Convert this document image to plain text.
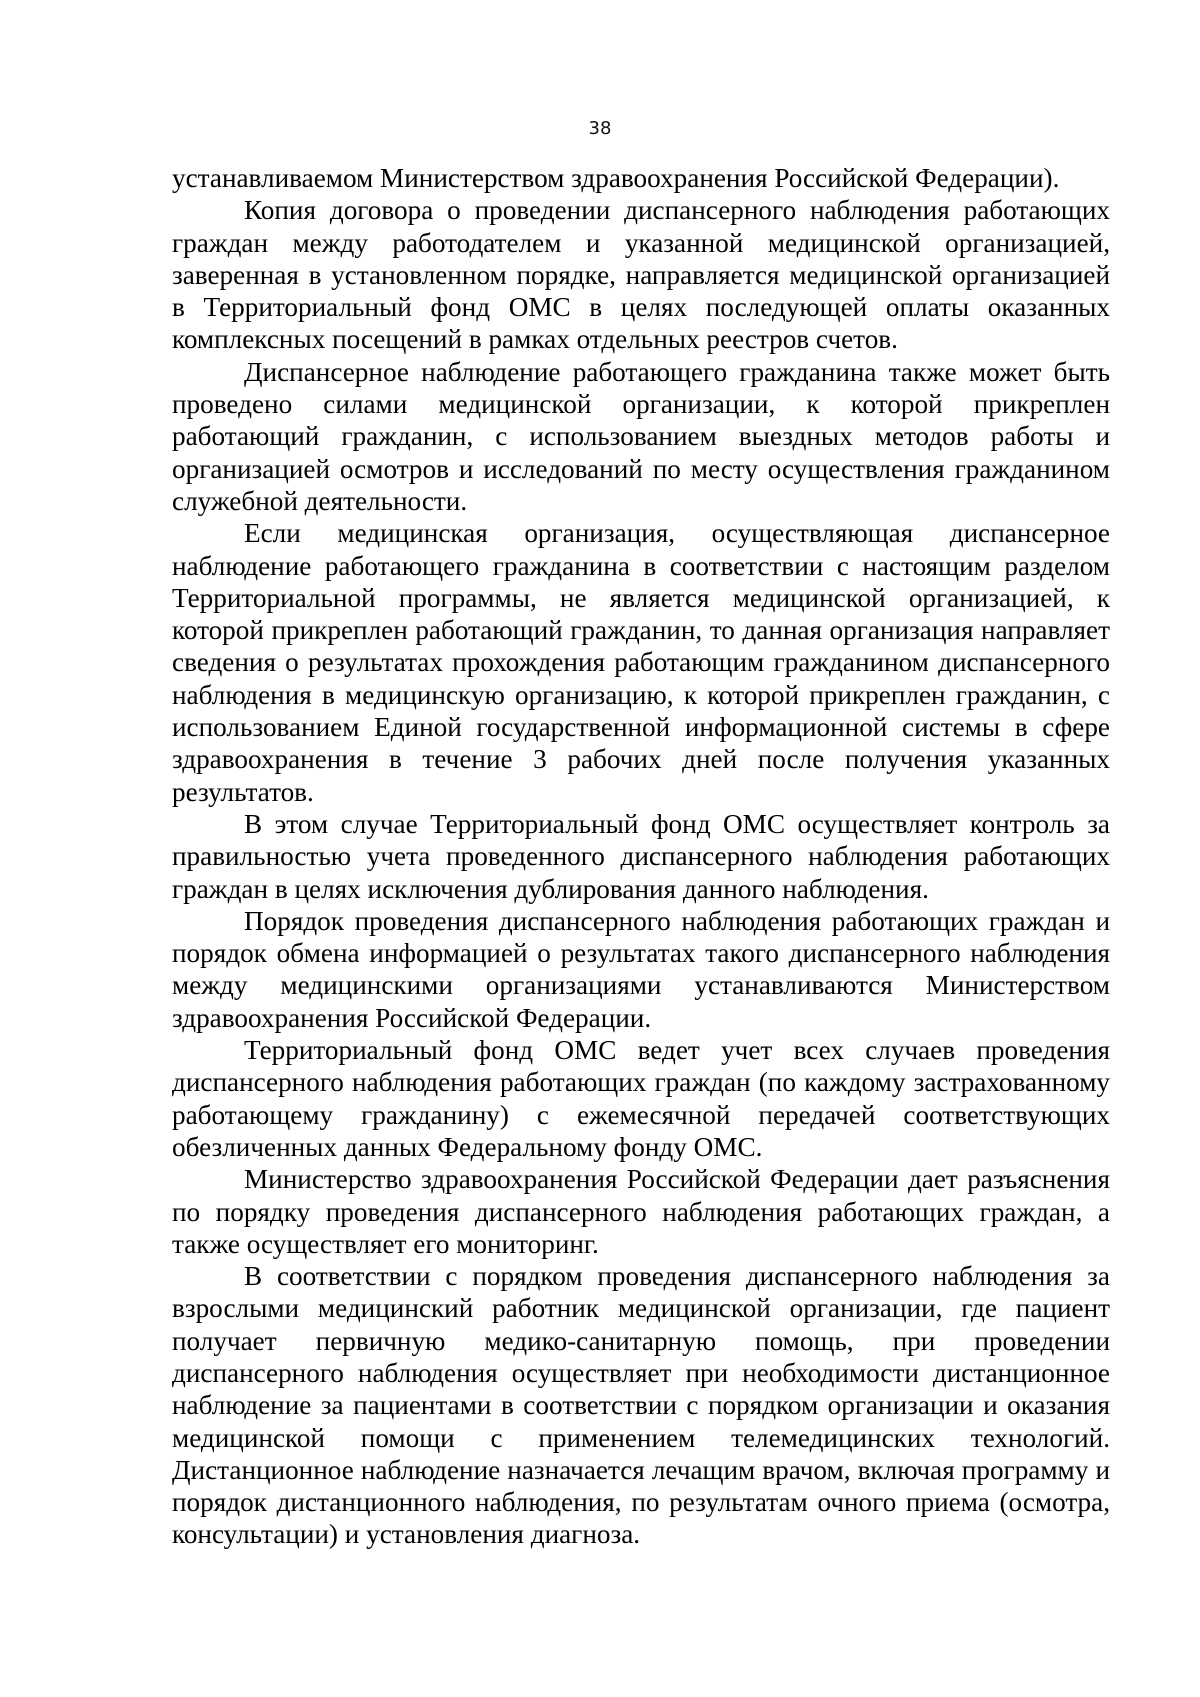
38

устанавливаемом Министерством здравоохранения Российской Федерации).

Копия договора о проведении диспансерного наблюдения работающих граждан между работодателем и указанной медицинской организацией, заверенная в установленном порядке, направляется медицинской организацией в Территориальный фонд ОМС в целях последующей оплаты оказанных комплексных посещений в рамках отдельных реестров счетов.

Диспансерное наблюдение работающего гражданина также может быть проведено силами медицинской организации, к которой прикреплен работающий гражданин, с использованием выездных методов работы и организацией осмотров и исследований по месту осуществления гражданином служебной деятельности.

Если медицинская организация, осуществляющая диспансерное наблюдение работающего гражданина в соответствии с настоящим разделом Территориальной программы, не является медицинской организацией, к которой прикреплен работающий гражданин, то данная организация направляет сведения о результатах прохождения работающим гражданином диспансерного наблюдения в медицинскую организацию, к которой прикреплен гражданин, с использованием Единой государственной информационной системы в сфере здравоохранения в течение 3 рабочих дней после получения указанных результатов.

В этом случае Территориальный фонд ОМС осуществляет контроль за правильностью учета проведенного диспансерного наблюдения работающих граждан в целях исключения дублирования данного наблюдения.

Порядок проведения диспансерного наблюдения работающих граждан и порядок обмена информацией о результатах такого диспансерного наблюдения между медицинскими организациями устанавливаются Министерством здравоохранения Российской Федерации.

Территориальный фонд ОМС ведет учет всех случаев проведения диспансерного наблюдения работающих граждан (по каждому застрахованному работающему гражданину) с ежемесячной передачей соответствующих обезличенных данных Федеральному фонду ОМС.

Министерство здравоохранения Российской Федерации дает разъяснения по порядку проведения диспансерного наблюдения работающих граждан, а также осуществляет его мониторинг.

В соответствии с порядком проведения диспансерного наблюдения за взрослыми медицинский работник медицинской организации, где пациент получает первичную медико-санитарную помощь, при проведении диспансерного наблюдения осуществляет при необходимости дистанционное наблюдение за пациентами в соответствии с порядком организации и оказания медицинской помощи с применением телемедицинских технологий. Дистанционное наблюдение назначается лечащим врачом, включая программу и порядок дистанционного наблюдения, по результатам очного приема (осмотра, консультации) и установления диагноза.
